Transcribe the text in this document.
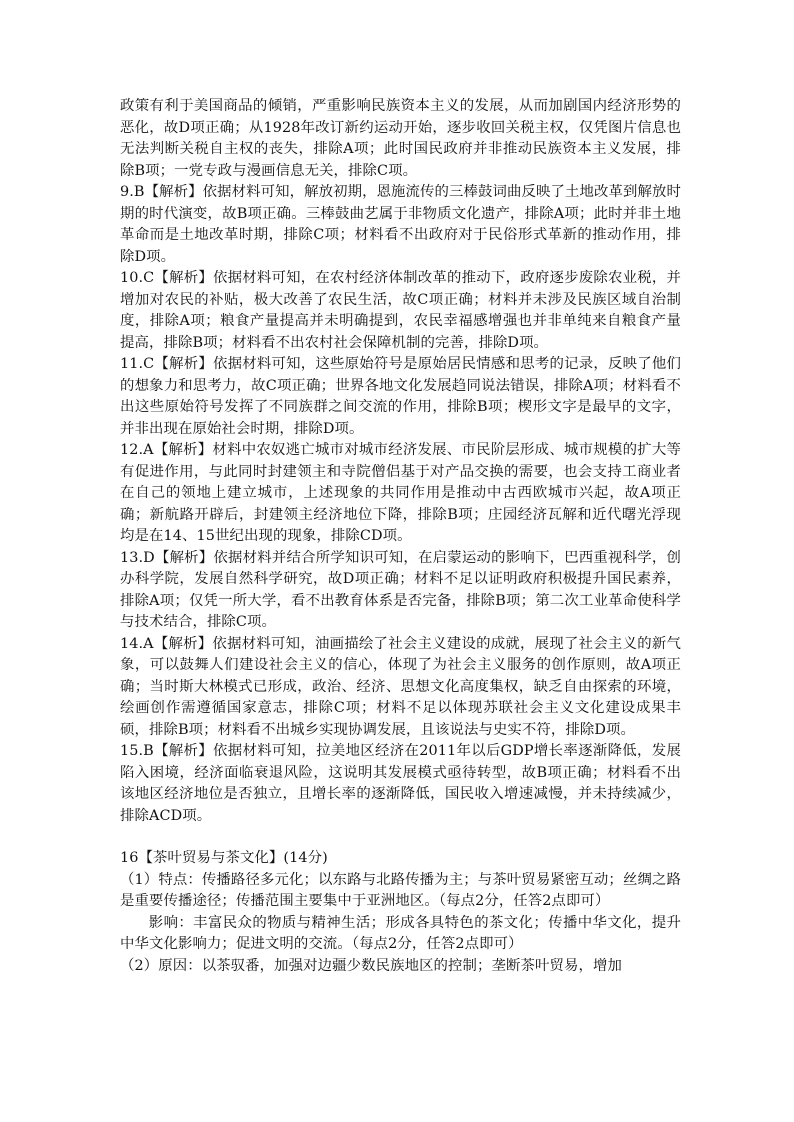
政策有利于美国商品的倾销，严重影响民族资本主义的发展，从而加剧国内经济形势的恶化，故D项正确；从1928年改订新约运动开始，逐步收回关税主权，仅凭图片信息也无法判断关税自主权的丧失，排除A项；此时国民政府并非推动民族资本主义发展，排除B项；一党专政与漫画信息无关，排除C项。

9.B【解析】依据材料可知，解放初期，恩施流传的三棒鼓词曲反映了土地改革到解放时期的时代演变，故B项正确。三棒鼓曲艺属于非物质文化遗产，排除A项；此时并非土地革命而是土地改革时期，排除C项；材料看不出政府对于民俗形式革新的推动作用，排除D项。

10.C【解析】依据材料可知，在农村经济体制改革的推动下，政府逐步废除农业税，并增加对农民的补贴，极大改善了农民生活，故C项正确；材料并未涉及民族区域自治制度，排除A项；粮食产量提高并未明确提到，农民幸福感增强也并非单纯来自粮食产量提高，排除B项；材料看不出农村社会保障机制的完善，排除D项。

11.C【解析】依据材料可知，这些原始符号是原始居民情感和思考的记录，反映了他们的想象力和思考力，故C项正确；世界各地文化发展趋同说法错误，排除A项；材料看不出这些原始符号发挥了不同族群之间交流的作用，排除B项；楔形文字是最早的文字，并非出现在原始社会时期，排除D项。

12.A【解析】材料中农奴逃亡城市对城市经济发展、市民阶层形成、城市规模的扩大等有促进作用，与此同时封建领主和寺院僧侣基于对产品交换的需要，也会支持工商业者在自己的领地上建立城市，上述现象的共同作用是推动中古西欧城市兴起，故A项正确；新航路开辟后，封建领主经济地位下降，排除B项；庄园经济瓦解和近代曙光浮现均是在14、15世纪出现的现象，排除CD项。

13.D【解析】依据材料并结合所学知识可知，在启蒙运动的影响下，巴西重视科学，创办科学院，发展自然科学研究，故D项正确；材料不足以证明政府积极提升国民素养，排除A项；仅凭一所大学，看不出教育体系是否完备，排除B项；第二次工业革命使科学与技术结合，排除C项。

14.A【解析】依据材料可知，油画描绘了社会主义建设的成就，展现了社会主义的新气象，可以鼓舞人们建设社会主义的信心，体现了为社会主义服务的创作原则，故A项正确；当时斯大林模式已形成，政治、经济、思想文化高度集权，缺乏自由探索的环境，绘画创作需遵循国家意志，排除C项；材料不足以体现苏联社会主义文化建设成果丰硕，排除B项；材料看不出城乡实现协调发展，且该说法与史实不符，排除D项。

15.B【解析】依据材料可知，拉美地区经济在2011年以后GDP增长率逐渐降低，发展陷入困境，经济面临衰退风险，这说明其发展模式亟待转型，故B项正确；材料看不出该地区经济地位是否独立，且增长率的逐渐降低，国民收入增速减慢，并未持续减少，排除ACD项。

16【茶叶贸易与茶文化】(14分)

（1）特点：传播路径多元化；以东路与北路传播为主；与茶叶贸易紧密互动；丝绸之路是重要传播途径；传播范围主要集中于亚洲地区。（每点2分，任答2点即可）

影响：丰富民众的物质与精神生活；形成各具特色的茶文化；传播中华文化，提升中华文化影响力；促进文明的交流。（每点2分，任答2点即可）

（2）原因：以茶驭番，加强对边疆少数民族地区的控制；垄断茶叶贸易，增加
